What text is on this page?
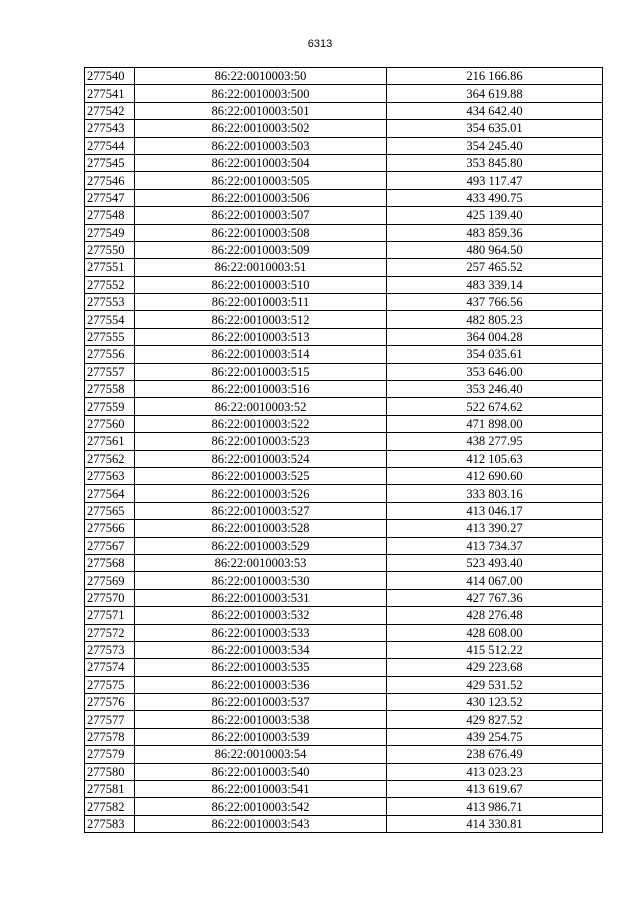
6313
277540	86:22:0010003:50	216 166.86
277541	86:22:0010003:500	364 619.88
277542	86:22:0010003:501	434 642.40
277543	86:22:0010003:502	354 635.01
277544	86:22:0010003:503	354 245.40
277545	86:22:0010003:504	353 845.80
277546	86:22:0010003:505	493 117.47
277547	86:22:0010003:506	433 490.75
277548	86:22:0010003:507	425 139.40
277549	86:22:0010003:508	483 859.36
277550	86:22:0010003:509	480 964.50
277551	86:22:0010003:51	257 465.52
277552	86:22:0010003:510	483 339.14
277553	86:22:0010003:511	437 766.56
277554	86:22:0010003:512	482 805.23
277555	86:22:0010003:513	364 004.28
277556	86:22:0010003:514	354 035.61
277557	86:22:0010003:515	353 646.00
277558	86:22:0010003:516	353 246.40
277559	86:22:0010003:52	522 674.62
277560	86:22:0010003:522	471 898.00
277561	86:22:0010003:523	438 277.95
277562	86:22:0010003:524	412 105.63
277563	86:22:0010003:525	412 690.60
277564	86:22:0010003:526	333 803.16
277565	86:22:0010003:527	413 046.17
277566	86:22:0010003:528	413 390.27
277567	86:22:0010003:529	413 734.37
277568	86:22:0010003:53	523 493.40
277569	86:22:0010003:530	414 067.00
277570	86:22:0010003:531	427 767.36
277571	86:22:0010003:532	428 276.48
277572	86:22:0010003:533	428 608.00
277573	86:22:0010003:534	415 512.22
277574	86:22:0010003:535	429 223.68
277575	86:22:0010003:536	429 531.52
277576	86:22:0010003:537	430 123.52
277577	86:22:0010003:538	429 827.52
277578	86:22:0010003:539	439 254.75
277579	86:22:0010003:54	238 676.49
277580	86:22:0010003:540	413 023.23
277581	86:22:0010003:541	413 619.67
277582	86:22:0010003:542	413 986.71
277583	86:22:0010003:543	414 330.81
